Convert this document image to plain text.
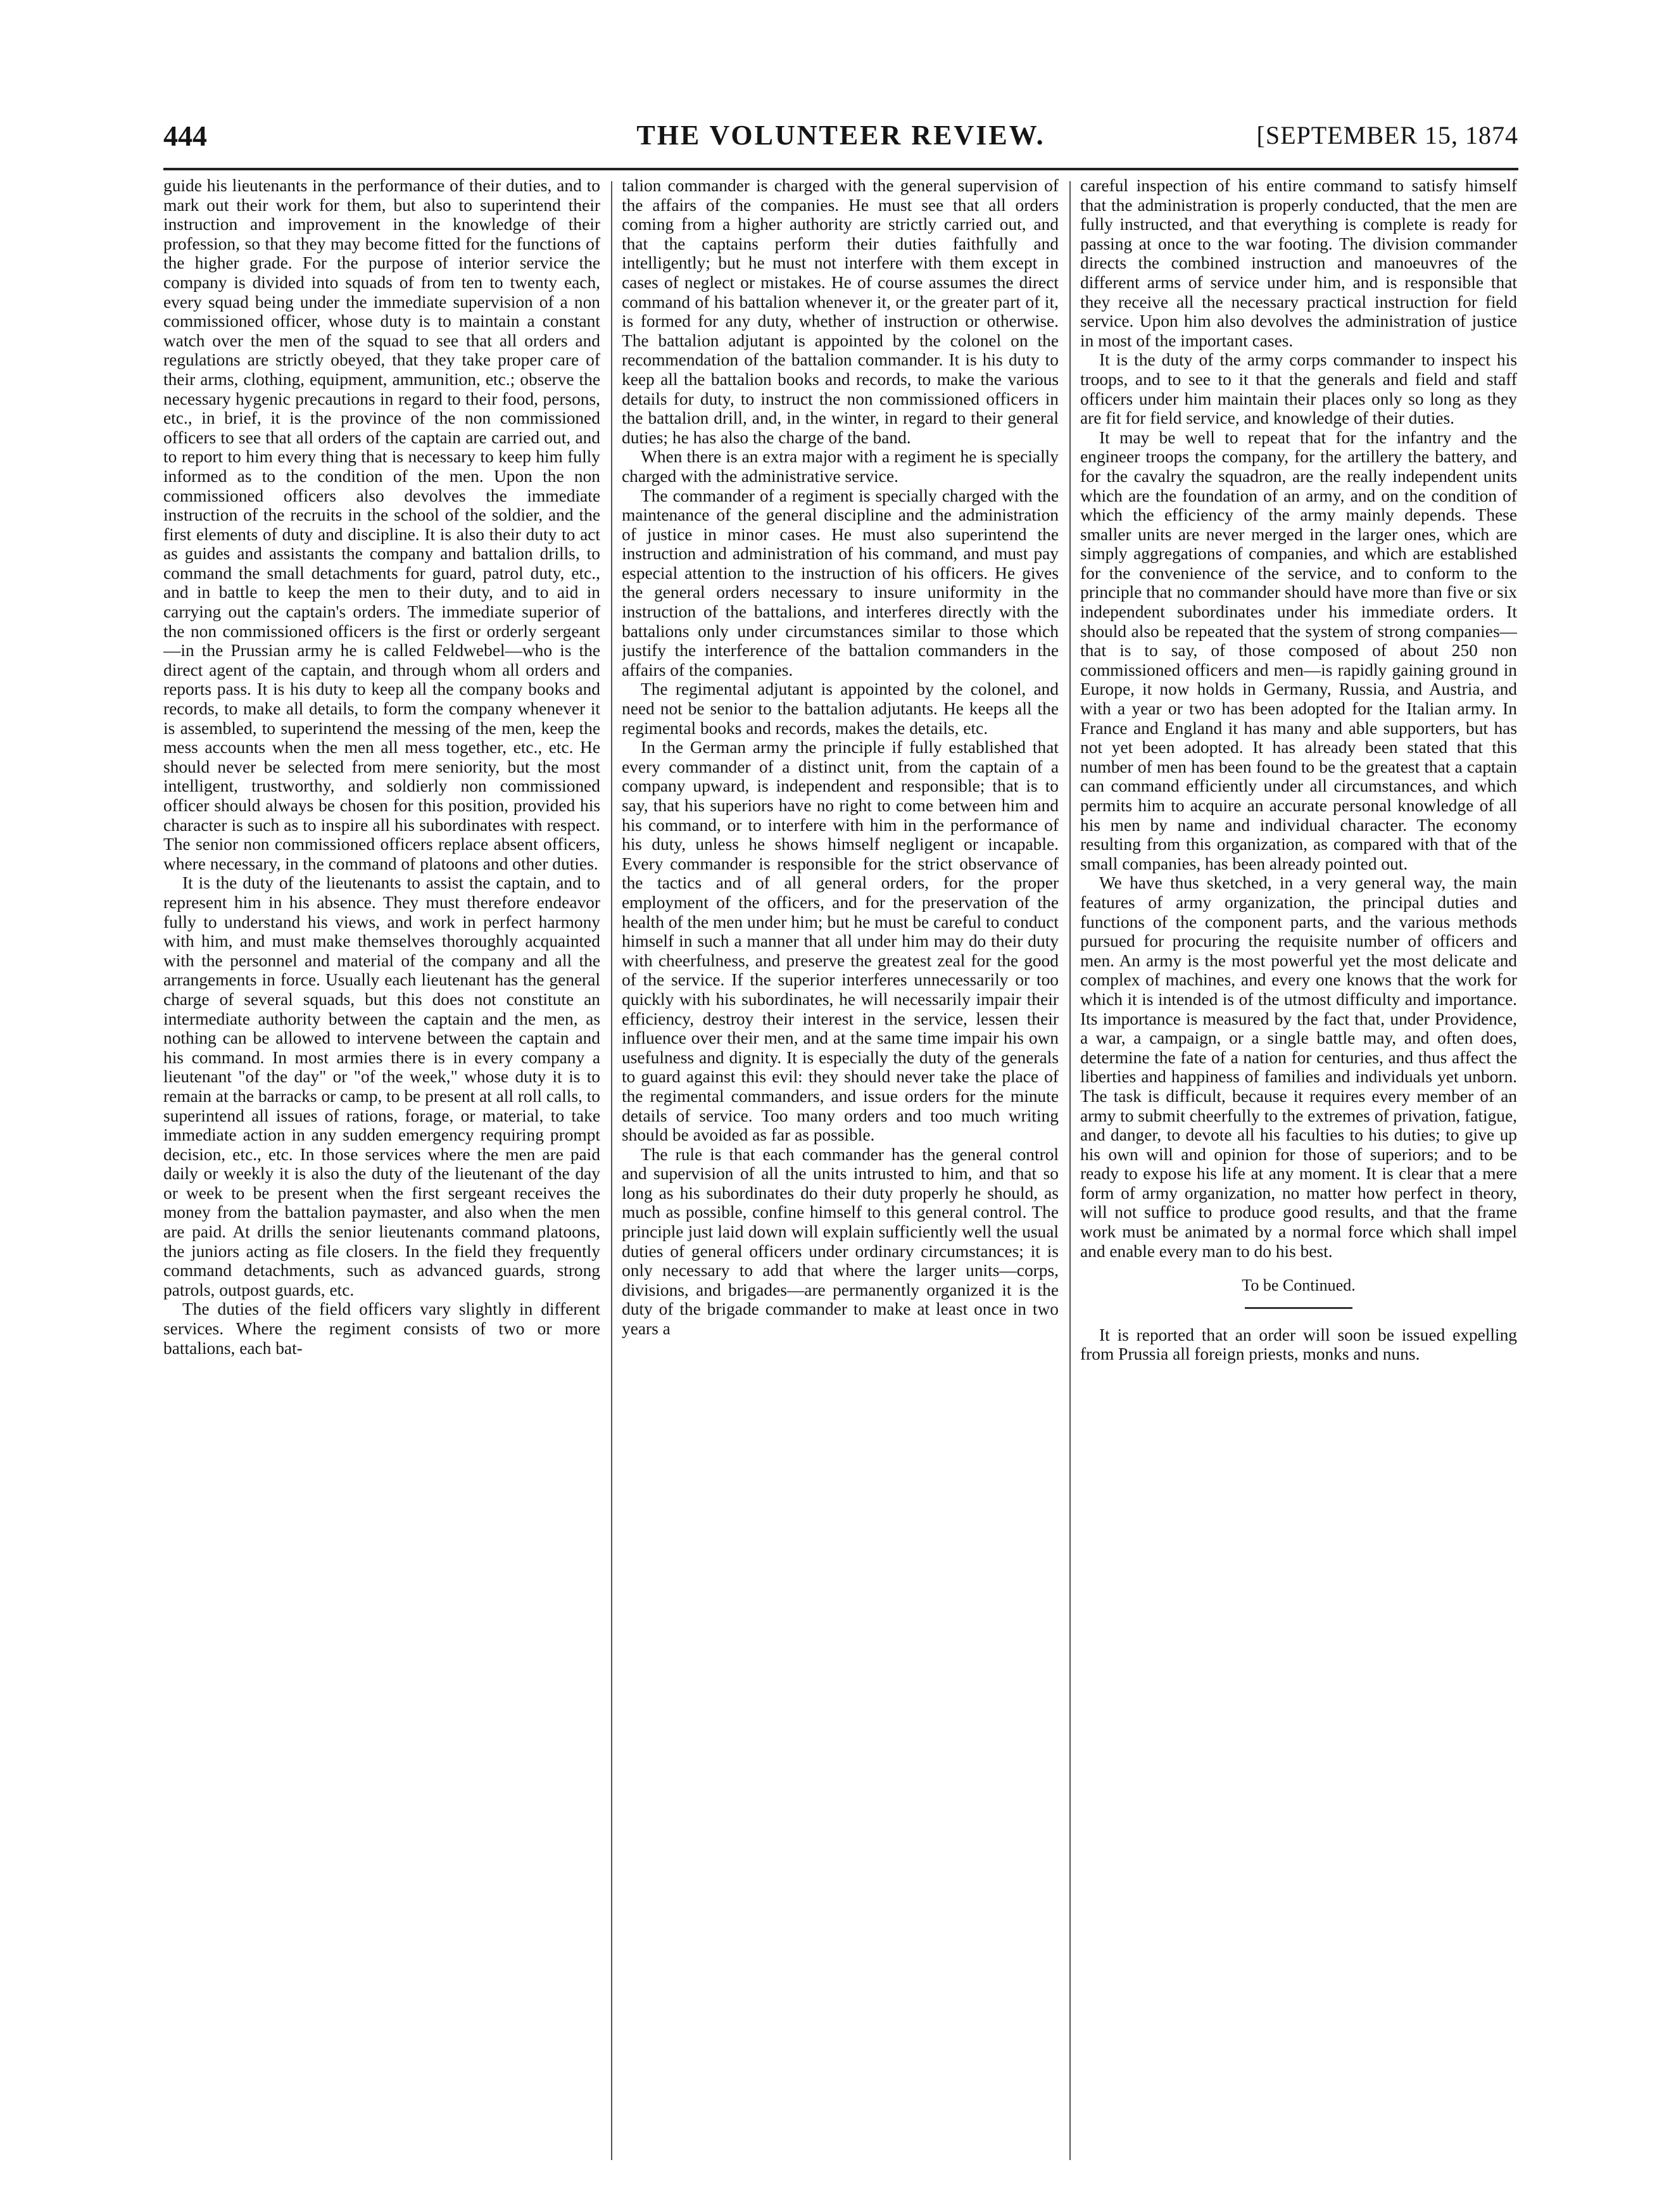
444	THE VOLUNTEER REVIEW.	[SEPTEMBER 15, 1874

guide his lieutenants in the performance of their duties, and to mark out their work for them, but also to superintend their instruction and improvement in the knowledge of their profession, so that they may become fitted for the functions of the higher grade. For the purpose of interior service the company is divided into squads of from ten to twenty each, every squad being under the immediate supervision of a non commissioned officer, whose duty is to maintain a constant watch over the men of the squad to see that all orders and regulations are strictly obeyed, that they take proper care of their arms, clothing, equipment, ammunition, etc.; observe the necessary hygenic precautions in regard to their food, persons, etc., in brief, it is the province of the non commissioned officers to see that all orders of the captain are carried out, and to report to him every thing that is necessary to keep him fully informed as to the condition of the men. Upon the non commissioned officers also devolves the immediate instruction of the recruits in the school of the soldier, and the first elements of duty and discipline. It is also their duty to act as guides and assistants the company and battalion drills, to command the small detachments for guard, patrol duty, etc., and in battle to keep the men to their duty, and to aid in carrying out the captain's orders. The immediate superior of the non commissioned officers is the first or orderly sergeant—in the Prussian army he is called Feldwebel—who is the direct agent of the captain, and through whom all orders and reports pass. It is his duty to keep all the company books and records, to make all details, to form the company whenever it is assembled, to superintend the messing of the men, keep the mess accounts when the men all mess together, etc., etc. He should never be selected from mere seniority, but the most intelligent, trustworthy, and soldierly non commissioned officer should always be chosen for this position, provided his character is such as to inspire all his subordinates with respect. The senior non commissioned officers replace absent officers, where necessary, in the command of platoons and other duties.

It is the duty of the lieutenants to assist the captain, and to represent him in his absence. They must therefore endeavor fully to understand his views, and work in perfect harmony with him, and must make themselves thoroughly acquainted with the personnel and material of the company and all the arrangements in force. Usually each lieutenant has the general charge of several squads, but this does not constitute an intermediate authority between the captain and the men, as nothing can be allowed to intervene between the captain and his command. In most armies there is in every company a lieutenant "of the day" or "of the week," whose duty it is to remain at the barracks or camp, to be present at all roll calls, to superintend all issues of rations, forage, or material, to take immediate action in any sudden emergency requiring prompt decision, etc., etc. In those services where the men are paid daily or weekly it is also the duty of the lieutenant of the day or week to be present when the first sergeant receives the money from the battalion paymaster, and also when the men are paid. At drills the senior lieutenants command platoons, the juniors acting as file closers. In the field they frequently command detachments, such as advanced guards, strong patrols, outpost guards, etc.

The duties of the field officers vary slightly in different services. Where the regiment consists of two or more battalions, each bat-

talion commander is charged with the general supervision of the affairs of the companies. He must see that all orders coming from a higher authority are strictly carried out, and that the captains perform their duties faithfully and intelligently; but he must not interfere with them except in cases of neglect or mistakes. He of course assumes the direct command of his battalion whenever it, or the greater part of it, is formed for any duty, whether of instruction or otherwise. The battalion adjutant is appointed by the colonel on the recommendation of the battalion commander. It is his duty to keep all the battalion books and records, to make the various details for duty, to instruct the non commissioned officers in the battalion drill, and, in the winter, in regard to their general duties; he has also the charge of the band.

When there is an extra major with a regiment he is specially charged with the administrative service.

The commander of a regiment is specially charged with the maintenance of the general discipline and the administration of justice in minor cases. He must also superintend the instruction and administration of his command, and must pay especial attention to the instruction of his officers. He gives the general orders necessary to insure uniformity in the instruction of the battalions, and interferes directly with the battalions only under circumstances similar to those which justify the interference of the battalion commanders in the affairs of the companies.

The regimental adjutant is appointed by the colonel, and need not be senior to the battalion adjutants. He keeps all the regimental books and records, makes the details, etc.

In the German army the principle if fully established that every commander of a distinct unit, from the captain of a company upward, is independent and responsible; that is to say, that his superiors have no right to come between him and his command, or to interfere with him in the performance of his duty, unless he shows himself negligent or incapable. Every commander is responsible for the strict observance of the tactics and of all general orders, for the proper employment of the officers, and for the preservation of the health of the men under him; but he must be careful to conduct himself in such a manner that all under him may do their duty with cheerfulness, and preserve the greatest zeal for the good of the service. If the superior interferes unnecessarily or too quickly with his subordinates, he will necessarily impair their efficiency, destroy their interest in the service, lessen their influence over their men, and at the same time impair his own usefulness and dignity. It is especially the duty of the generals to guard against this evil: they should never take the place of the regimental commanders, and issue orders for the minute details of service. Too many orders and too much writing should be avoided as far as possible.

The rule is that each commander has the general control and supervision of all the units intrusted to him, and that so long as his subordinates do their duty properly he should, as much as possible, confine himself to this general control. The principle just laid down will explain sufficiently well the usual duties of general officers under ordinary circumstances; it is only necessary to add that where the larger units—corps, divisions, and brigades—are permanently organized it is the duty of the brigade commander to make at least once in two years a

careful inspection of his entire command to satisfy himself that the administration is properly conducted, that the men are fully instructed, and that everything is complete is ready for passing at once to the war footing. The division commander directs the combined instruction and manoeuvres of the different arms of service under him, and is responsible that they receive all the necessary practical instruction for field service. Upon him also devolves the administration of justice in most of the important cases.

It is the duty of the army corps commander to inspect his troops, and to see to it that the generals and field and staff officers under him maintain their places only so long as they are fit for field service, and knowledge of their duties.

It may be well to repeat that for the infantry and the engineer troops the company, for the artillery the battery, and for the cavalry the squadron, are the really independent units which are the foundation of an army, and on the condition of which the efficiency of the army mainly depends. These smaller units are never merged in the larger ones, which are simply aggregations of companies, and which are established for the convenience of the service, and to conform to the principle that no commander should have more than five or six independent subordinates under his immediate orders. It should also be repeated that the system of strong companies—that is to say, of those composed of about 250 non commissioned officers and men—is rapidly gaining ground in Europe, it now holds in Germany, Russia, and Austria, and with a year or two has been adopted for the Italian army. In France and England it has many and able supporters, but has not yet been adopted. It has already been stated that this number of men has been found to be the greatest that a captain can command efficiently under all circumstances, and which permits him to acquire an accurate personal knowledge of all his men by name and individual character. The economy resulting from this organization, as compared with that of the small companies, has been already pointed out.

We have thus sketched, in a very general way, the main features of army organization, the principal duties and functions of the component parts, and the various methods pursued for procuring the requisite number of officers and men. An army is the most powerful yet the most delicate and complex of machines, and every one knows that the work for which it is intended is of the utmost difficulty and importance. Its importance is measured by the fact that, under Providence, a war, a campaign, or a single battle may, and often does, determine the fate of a nation for centuries, and thus affect the liberties and happiness of families and individuals yet unborn. The task is difficult, because it requires every member of an army to submit cheerfully to the extremes of privation, fatigue, and danger, to devote all his faculties to his duties; to give up his own will and opinion for those of superiors; and to be ready to expose his life at any moment. It is clear that a mere form of army organization, no matter how perfect in theory, will not suffice to produce good results, and that the frame work must be animated by a normal force which shall impel and enable every man to do his best.

To be Continued.

It is reported that an order will soon be issued expelling from Prussia all foreign priests, monks and nuns.
